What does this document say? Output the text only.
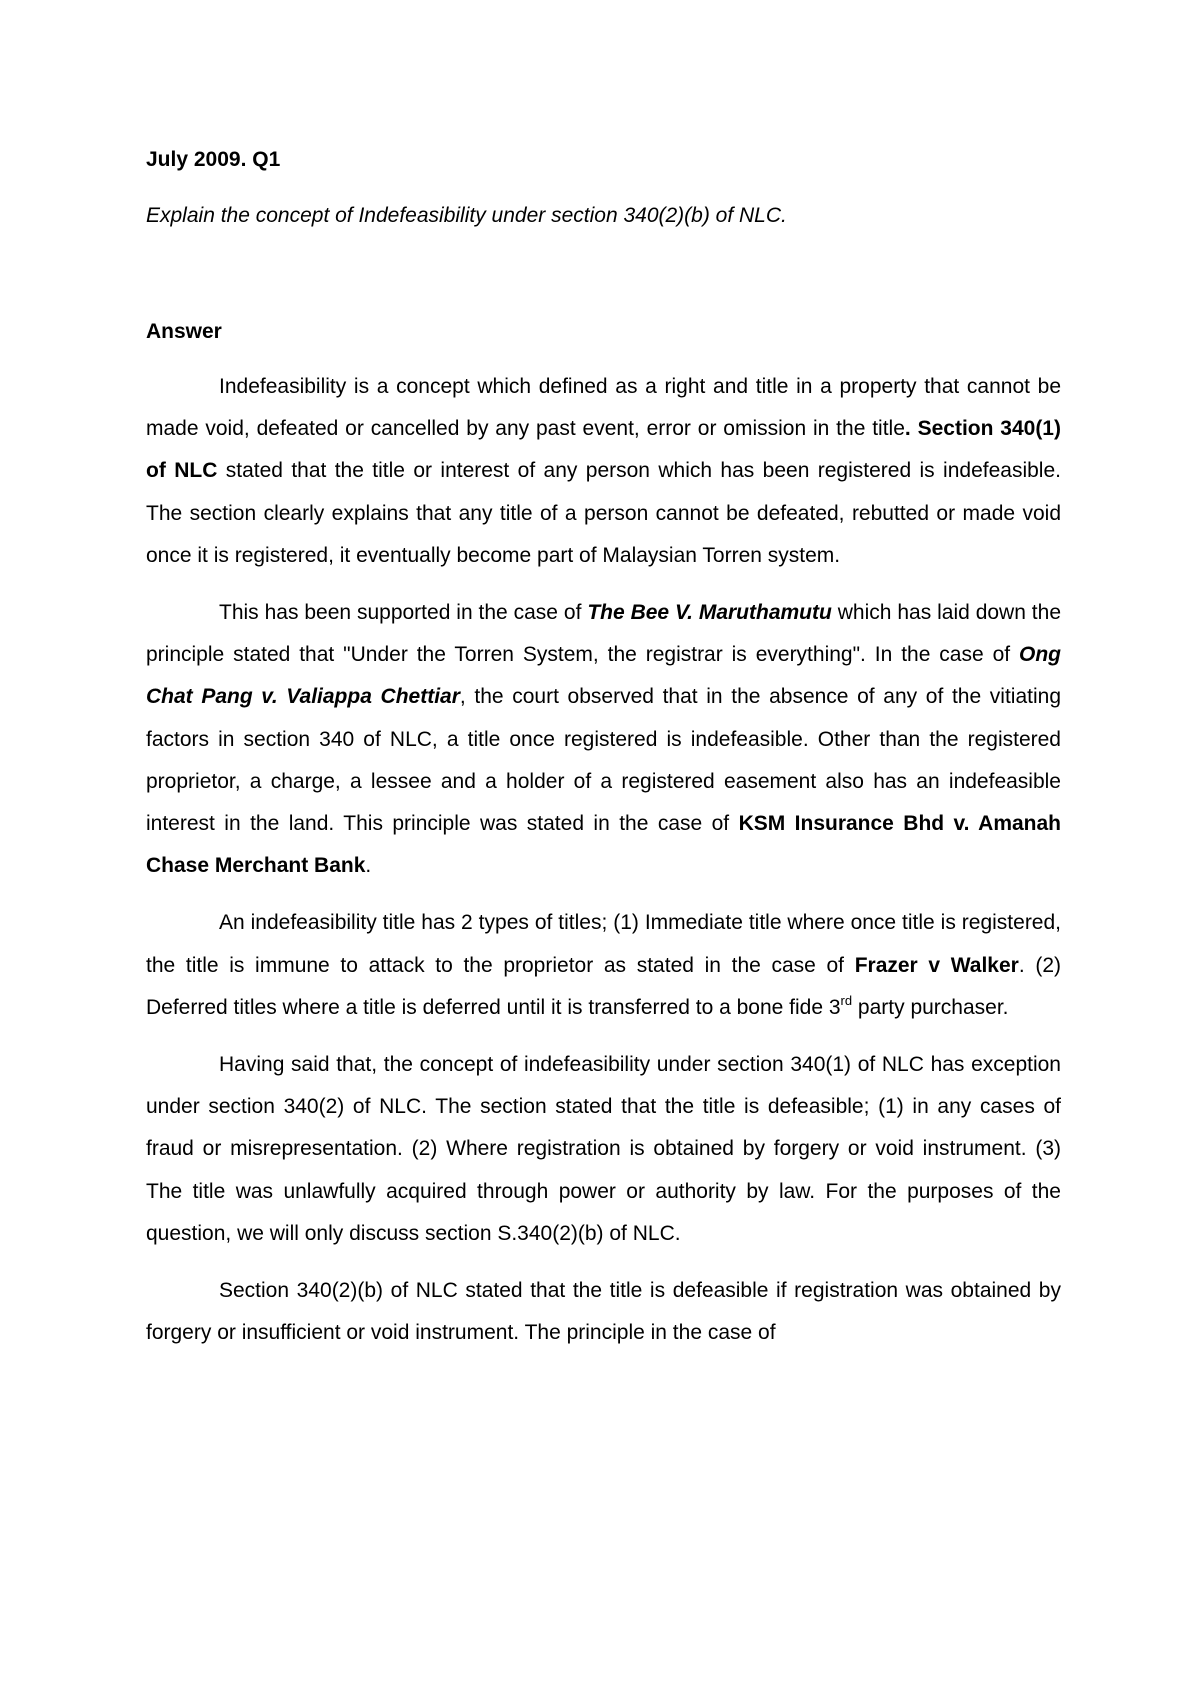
July 2009. Q1

Explain the concept of Indefeasibility under section 340(2)(b) of NLC.

Answer

Indefeasibility is a concept which defined as a right and title in a property that cannot be made void, defeated or cancelled by any past event, error or omission in the title. Section 340(1) of NLC stated that the title or interest of any person which has been registered is indefeasible. The section clearly explains that any title of a person cannot be defeated, rebutted or made void once it is registered, it eventually become part of Malaysian Torren system.

This has been supported in the case of The Bee V. Maruthamutu which has laid down the principle stated that "Under the Torren System, the registrar is everything". In the case of Ong Chat Pang v. Valiappa Chettiar, the court observed that in the absence of any of the vitiating factors in section 340 of NLC, a title once registered is indefeasible. Other than the registered proprietor, a charge, a lessee and a holder of a registered easement also has an indefeasible interest in the land. This principle was stated in the case of KSM Insurance Bhd v. Amanah Chase Merchant Bank.

An indefeasibility title has 2 types of titles; (1) Immediate title where once title is registered, the title is immune to attack to the proprietor as stated in the case of Frazer v Walker. (2) Deferred titles where a title is deferred until it is transferred to a bone fide 3rd party purchaser.

Having said that, the concept of indefeasibility under section 340(1) of NLC has exception under section 340(2) of NLC. The section stated that the title is defeasible; (1) in any cases of fraud or misrepresentation. (2) Where registration is obtained by forgery or void instrument. (3) The title was unlawfully acquired through power or authority by law. For the purposes of the question, we will only discuss section S.340(2)(b) of NLC.

Section 340(2)(b) of NLC stated that the title is defeasible if registration was obtained by forgery or insufficient or void instrument. The principle in the case of
